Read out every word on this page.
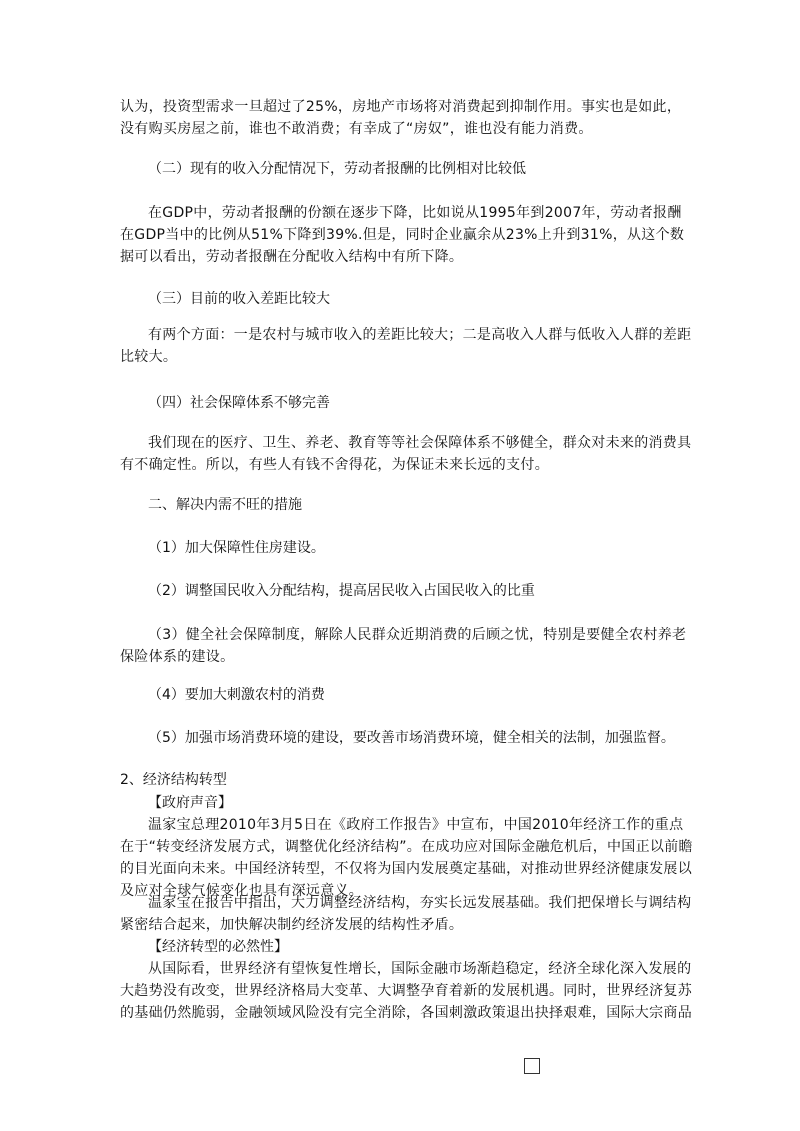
认为，投资型需求一旦超过了25%，房地产市场将对消费起到抑制作用。事实也是如此，没有购买房屋之前，谁也不敢消费；有幸成了“房奴”，谁也没有能力消费。

（二）现有的收入分配情况下，劳动者报酬的比例相对比较低

在GDP中，劳动者报酬的份额在逐步下降，比如说从1995年到2007年，劳动者报酬在GDP当中的比例从51%下降到39%.但是，同时企业赢余从23%上升到31%，从这个数据可以看出，劳动者报酬在分配收入结构中有所下降。

（三）目前的收入差距比较大

有两个方面：一是农村与城市收入的差距比较大；二是高收入人群与低收入人群的差距比较大。

（四）社会保障体系不够完善

我们现在的医疗、卫生、养老、教育等等社会保障体系不够健全，群众对未来的消费具有不确定性。所以，有些人有钱不舍得花，为保证未来长远的支付。

二、解决内需不旺的措施

（1）加大保障性住房建设。

（2）调整国民收入分配结构，提高居民收入占国民收入的比重

（3）健全社会保障制度，解除人民群众近期消费的后顾之忧，特别是要健全农村养老保险体系的建设。

（4）要加大刺激农村的消费

（5）加强市场消费环境的建设，要改善市场消费环境，健全相关的法制，加强监督。

2、经济结构转型

【政府声音】

温家宝总理2010年3月5日在《政府工作报告》中宣布，中国2010年经济工作的重点在于“转变经济发展方式，调整优化经济结构”。在成功应对国际金融危机后，中国正以前瞻的目光面向未来。中国经济转型，不仅将为国内发展奠定基础，对推动世界经济健康发展以及应对全球气候变化也具有深远意义。

温家宝在报告中指出，大力调整经济结构，夯实长远发展基础。我们把保增长与调结构紧密结合起来，加快解决制约经济发展的结构性矛盾。

【经济转型的必然性】

从国际看，世界经济有望恢复性增长，国际金融市场渐趋稳定，经济全球化深入发展的大趋势没有改变，世界经济格局大变革、大调整孕育着新的发展机遇。同时，世界经济复苏的基础仍然脆弱，金融领域风险没有完全消除，各国刺激政策退出抉择艰难，国际大宗商品
